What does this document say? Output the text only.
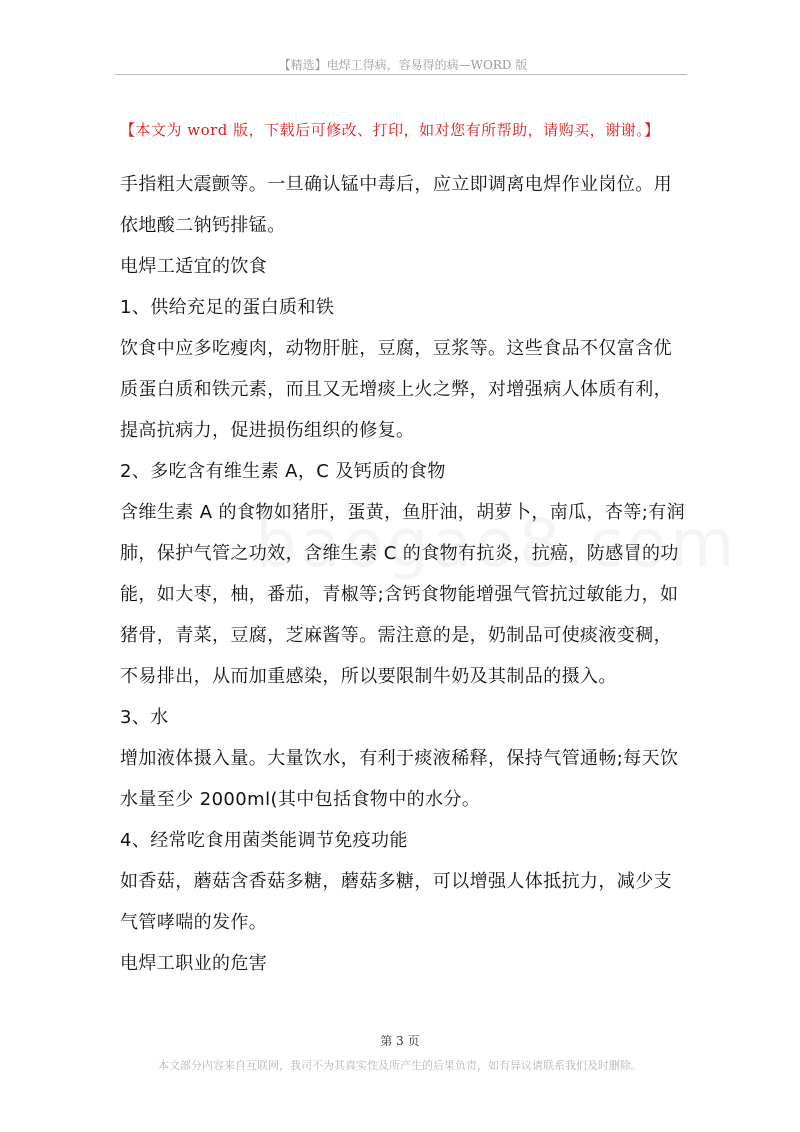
【精选】电焊工得病，容易得的病—WORD 版
【本文为 word 版，下载后可修改、打印，如对您有所帮助，请购买，谢谢。】

手指粗大震颤等。一旦确认锰中毒后，应立即调离电焊作业岗位。用依地酸二钠钙排锰。

电焊工适宜的饮食

1、供给充足的蛋白质和铁

饮食中应多吃瘦肉，动物肝脏，豆腐，豆浆等。这些食品不仅富含优质蛋白质和铁元素，而且又无增痰上火之弊，对增强病人体质有利，提高抗病力，促进损伤组织的修复。

2、多吃含有维生素 A，C 及钙质的食物

含维生素 A 的食物如猪肝，蛋黄，鱼肝油，胡萝卜，南瓜，杏等;有润肺，保护气管之功效，含维生素 C 的食物有抗炎，抗癌，防感冒的功能，如大枣，柚，番茄，青椒等;含钙食物能增强气管抗过敏能力，如猪骨，青菜，豆腐，芝麻酱等。需注意的是，奶制品可使痰液变稠，不易排出，从而加重感染，所以要限制牛奶及其制品的摄入。

3、水

增加液体摄入量。大量饮水，有利于痰液稀释，保持气管通畅;每天饮水量至少 2000ml(其中包括食物中的水分。

4、经常吃食用菌类能调节免疫功能

如香菇，蘑菇含香菇多糖，蘑菇多糖，可以增强人体抵抗力，减少支气管哮喘的发作。

电焊工职业的危害

第 3 页
本文部分内容来自互联网，我司不为其真实性及所产生的后果负责，如有异议请联系我们及时删除。
